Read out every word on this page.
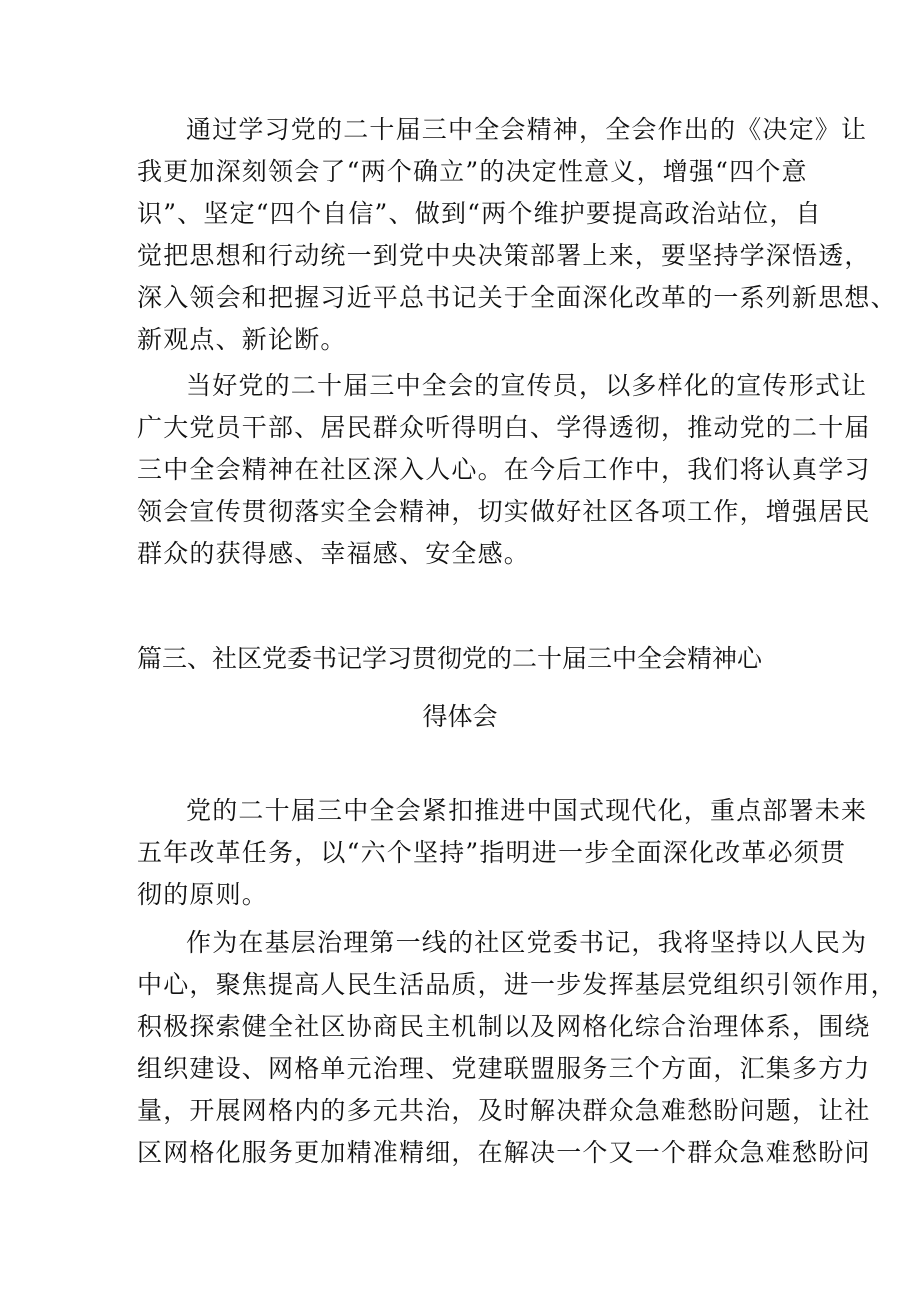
通过学习党的二十届三中全会精神，全会作出的《决定》让
我更加深刻领会了“两个确立”的决定性意义，增强“四个意
识”、坚定“四个自信”、做到“两个维护要提高政治站位，自
觉把思想和行动统一到党中央决策部署上来，要坚持学深悟透，
深入领会和把握习近平总书记关于全面深化改革的一系列新思想、
新观点、新论断。
当好党的二十届三中全会的宣传员，以多样化的宣传形式让
广大党员干部、居民群众听得明白、学得透彻，推动党的二十届
三中全会精神在社区深入人心。在今后工作中，我们将认真学习
领会宣传贯彻落实全会精神，切实做好社区各项工作，增强居民
群众的获得感、幸福感、安全感。
篇三、社区党委书记学习贯彻党的二十届三中全会精神心
得体会
党的二十届三中全会紧扣推进中国式现代化，重点部署未来
五年改革任务，以“六个坚持”指明进一步全面深化改革必须贯
彻的原则。
作为在基层治理第一线的社区党委书记，我将坚持以人民为
中心，聚焦提高人民生活品质，进一步发挥基层党组织引领作用，
积极探索健全社区协商民主机制以及网格化综合治理体系，围绕
组织建设、网格单元治理、党建联盟服务三个方面，汇集多方力
量，开展网格内的多元共治，及时解决群众急难愁盼问题，让社
区网格化服务更加精准精细，在解决一个又一个群众急难愁盼问
